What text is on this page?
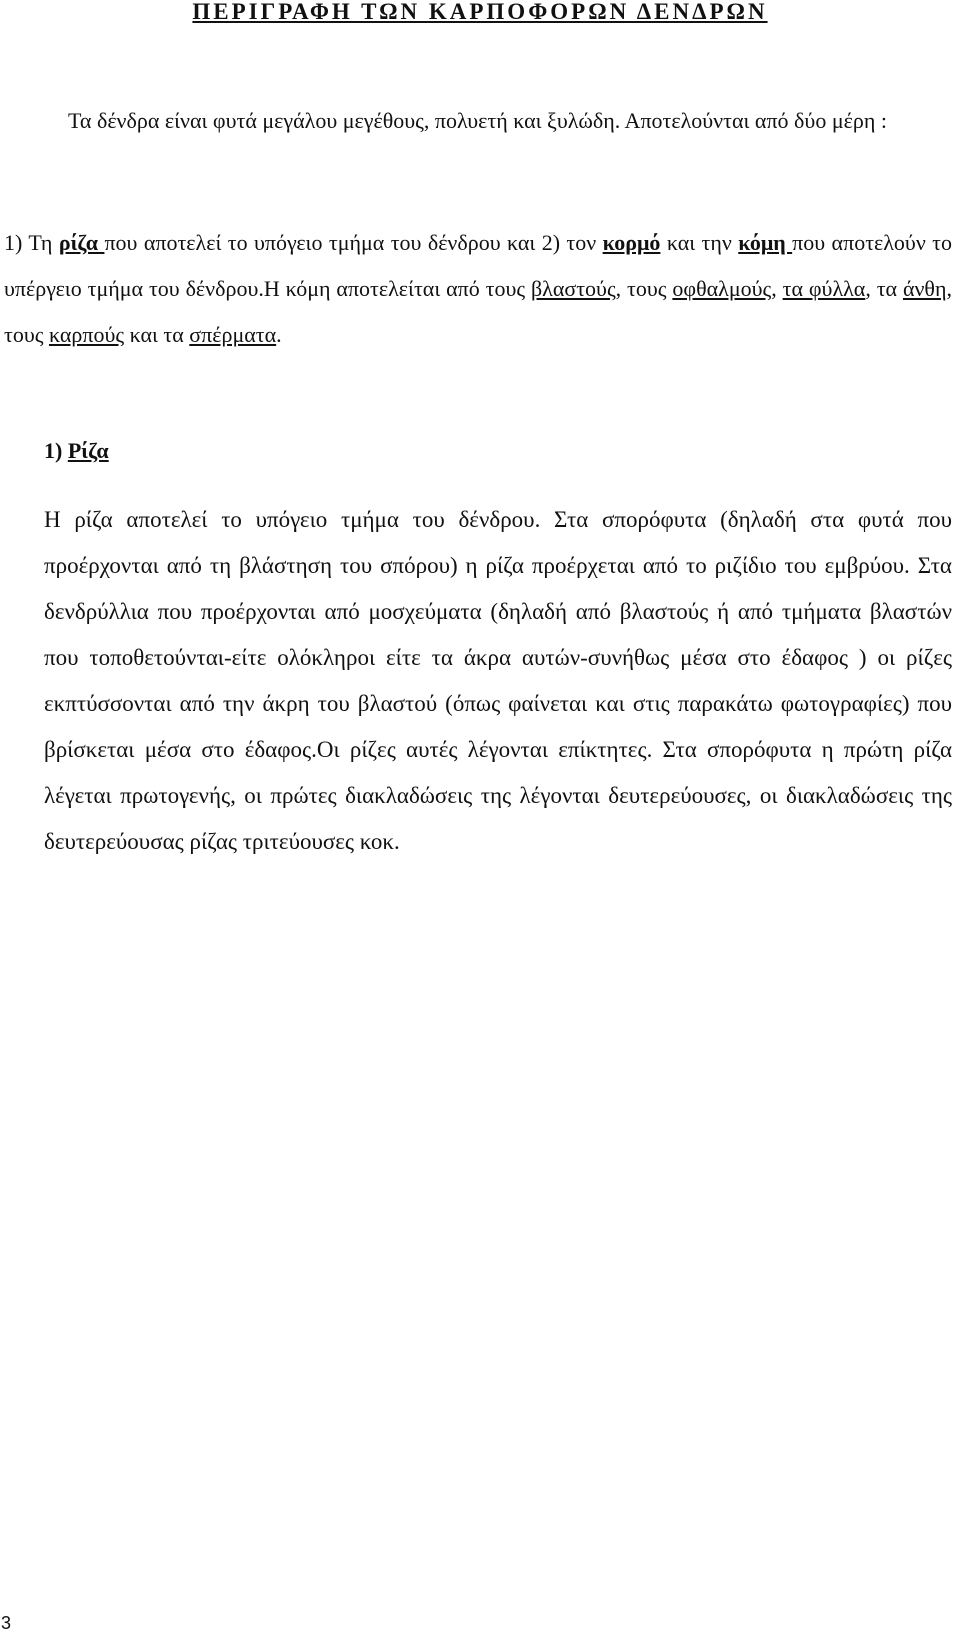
ΠΕΡΙΓΡΑΦΗ ΤΩΝ ΚΑΡΠΟΦΟΡΩΝ ΔΕΝΔΡΩΝ

Τα δένδρα είναι φυτά μεγάλου μεγέθους, πολυετή και ξυλώδη. Αποτελούνται από δύο μέρη :

1) Τη ρίζα που αποτελεί το υπόγειο τμήμα του δένδρου και 2) τον κορμό και την κόμη που αποτελούν το υπέργειο τμήμα του δένδρου.Η κόμη αποτελείται από τους βλαστούς, τους οφθαλμούς, τα φύλλα, τα άνθη, τους καρπούς και τα σπέρματα.

1) Ρίζα

Η ρίζα αποτελεί το υπόγειο τμήμα του δένδρου. Στα σπορόφυτα (δηλαδή στα φυτά που προέρχονται από τη βλάστηση του σπόρου) η ρίζα προέρχεται από το ριζίδιο του εμβρύου. Στα δενδρύλλια που προέρχονται από μοσχεύματα (δηλαδή από βλαστούς ή από τμήματα βλαστών που τοποθετούνται-είτε ολόκληροι είτε τα άκρα αυτών-συνήθως μέσα στο έδαφος ) οι ρίζες εκπτύσσονται από την άκρη του βλαστού (όπως φαίνεται και στις παρακάτω φωτογραφίες) που βρίσκεται μέσα στο έδαφος.Οι ρίζες αυτές λέγονται επίκτητες. Στα σπορόφυτα η πρώτη ρίζα λέγεται πρωτογενής, οι πρώτες διακλαδώσεις της λέγονται δευτερεύουσες, οι διακλαδώσεις της δευτερεύουσας ρίζας τριτεύουσες κοκ.

3
